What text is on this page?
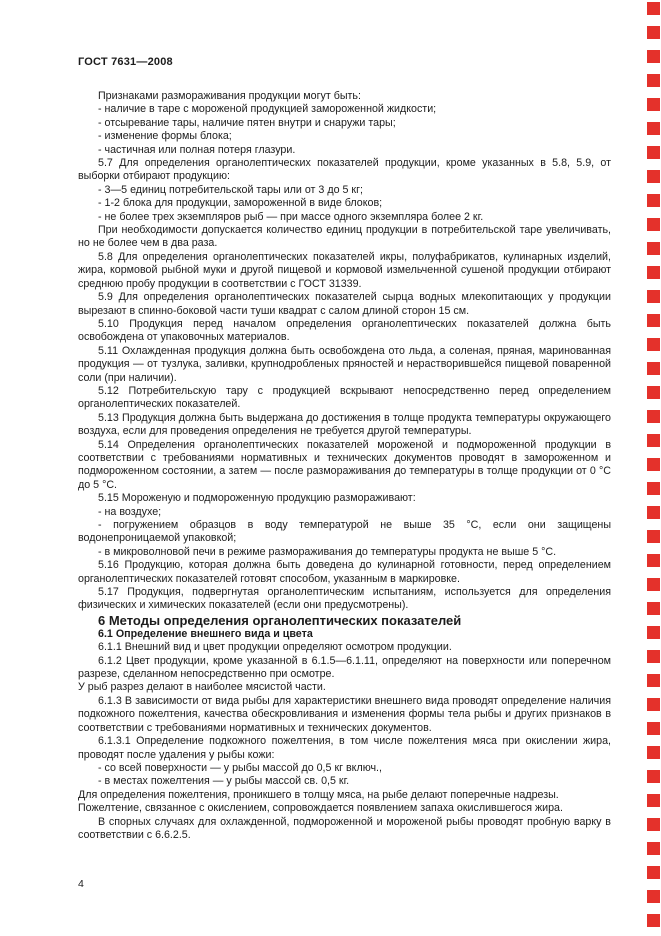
ГОСТ 7631—2008

Признаками размораживания продукции могут быть:

- наличие в таре с мороженой продукцией замороженной жидкости;

- отсыревание тары, наличие пятен внутри и снаружи тары;

- изменение формы блока;

- частичная или полная потеря глазури.

5.7 Для определения органолептических показателей продукции, кроме указанных в 5.8, 5.9, от выборки отбирают продукцию:

- 3—5 единиц потребительской тары или от 3 до 5 кг;

- 1-2 блока для продукции, замороженной в виде блоков;

- не более трех экземпляров рыб — при массе одного экземпляра более 2 кг.

При необходимости допускается количество единиц продукции в потребительской таре увеличивать, но не более чем в два раза.

5.8 Для определения органолептических показателей икры, полуфабрикатов, кулинарных изделий, жира, кормовой рыбной муки и другой пищевой и кормовой измельченной сушеной продукции отбирают среднюю пробу продукции в соответствии с ГОСТ 31339.

5.9 Для определения органолептических показателей сырца водных млекопитающих у продукции вырезают в спинно-боковой части туши квадрат с салом длиной сторон 15 см.

5.10 Продукция перед началом определения органолептических показателей должна быть освобождена от упаковочных материалов.

5.11 Охлажденная продукция должна быть освобождена ото льда, а соленая, пряная, маринованная продукция — от тузлука, заливки, крупнодробленых пряностей и нерастворившейся пищевой поваренной соли (при наличии).

5.12 Потребительскую тару с продукцией вскрывают непосредственно перед определением органолептических показателей.

5.13 Продукция должна быть выдержана до достижения в толще продукта температуры окружающего воздуха, если для проведения определения не требуется другой температуры.

5.14 Определения органолептических показателей мороженой и подмороженной продукции в соответствии с требованиями нормативных и технических документов проводят в замороженном и подмороженном состоянии, а затем — после размораживания до температуры в толще продукции от 0 °С до 5 °С.

5.15 Мороженую и подмороженную продукцию размораживают:

- на воздухе;

- погружением образцов в воду температурой не выше 35 °С, если они защищены водонепроницаемой упаковкой;

- в микроволновой печи в режиме размораживания до температуры продукта не выше 5 °С.

5.16 Продукцию, которая должна быть доведена до кулинарной готовности, перед определением органолептических показателей готовят способом, указанным в маркировке.

5.17 Продукция, подвергнутая органолептическим испытаниям, используется для определения физических и химических показателей (если они предусмотрены).

6 Методы определения органолептических показателей

6.1 Определение внешнего вида и цвета

6.1.1 Внешний вид и цвет продукции определяют осмотром продукции.

6.1.2 Цвет продукции, кроме указанной в 6.1.5—6.1.11, определяют на поверхности или поперечном разрезе, сделанном непосредственно при осмотре.

У рыб разрез делают в наиболее мясистой части.

6.1.3 В зависимости от вида рыбы для характеристики внешнего вида проводят определение наличия подкожного пожелтения, качества обескровливания и изменения формы тела рыбы и других признаков в соответствии с требованиями нормативных и технических документов.

6.1.3.1 Определение подкожного пожелтения, в том числе пожелтения мяса при окислении жира, проводят после удаления у рыбы кожи:

- со всей поверхности — у рыбы массой до 0,5 кг включ.,

- в местах пожелтения — у рыбы массой св. 0,5 кг.

Для определения пожелтения, проникшего в толщу мяса, на рыбе делают поперечные надрезы.

Пожелтение, связанное с окислением, сопровождается появлением запаха окислившегося жира.

В спорных случаях для охлажденной, подмороженной и мороженой рыбы проводят пробную варку в соответствии с 6.6.2.5.

4
